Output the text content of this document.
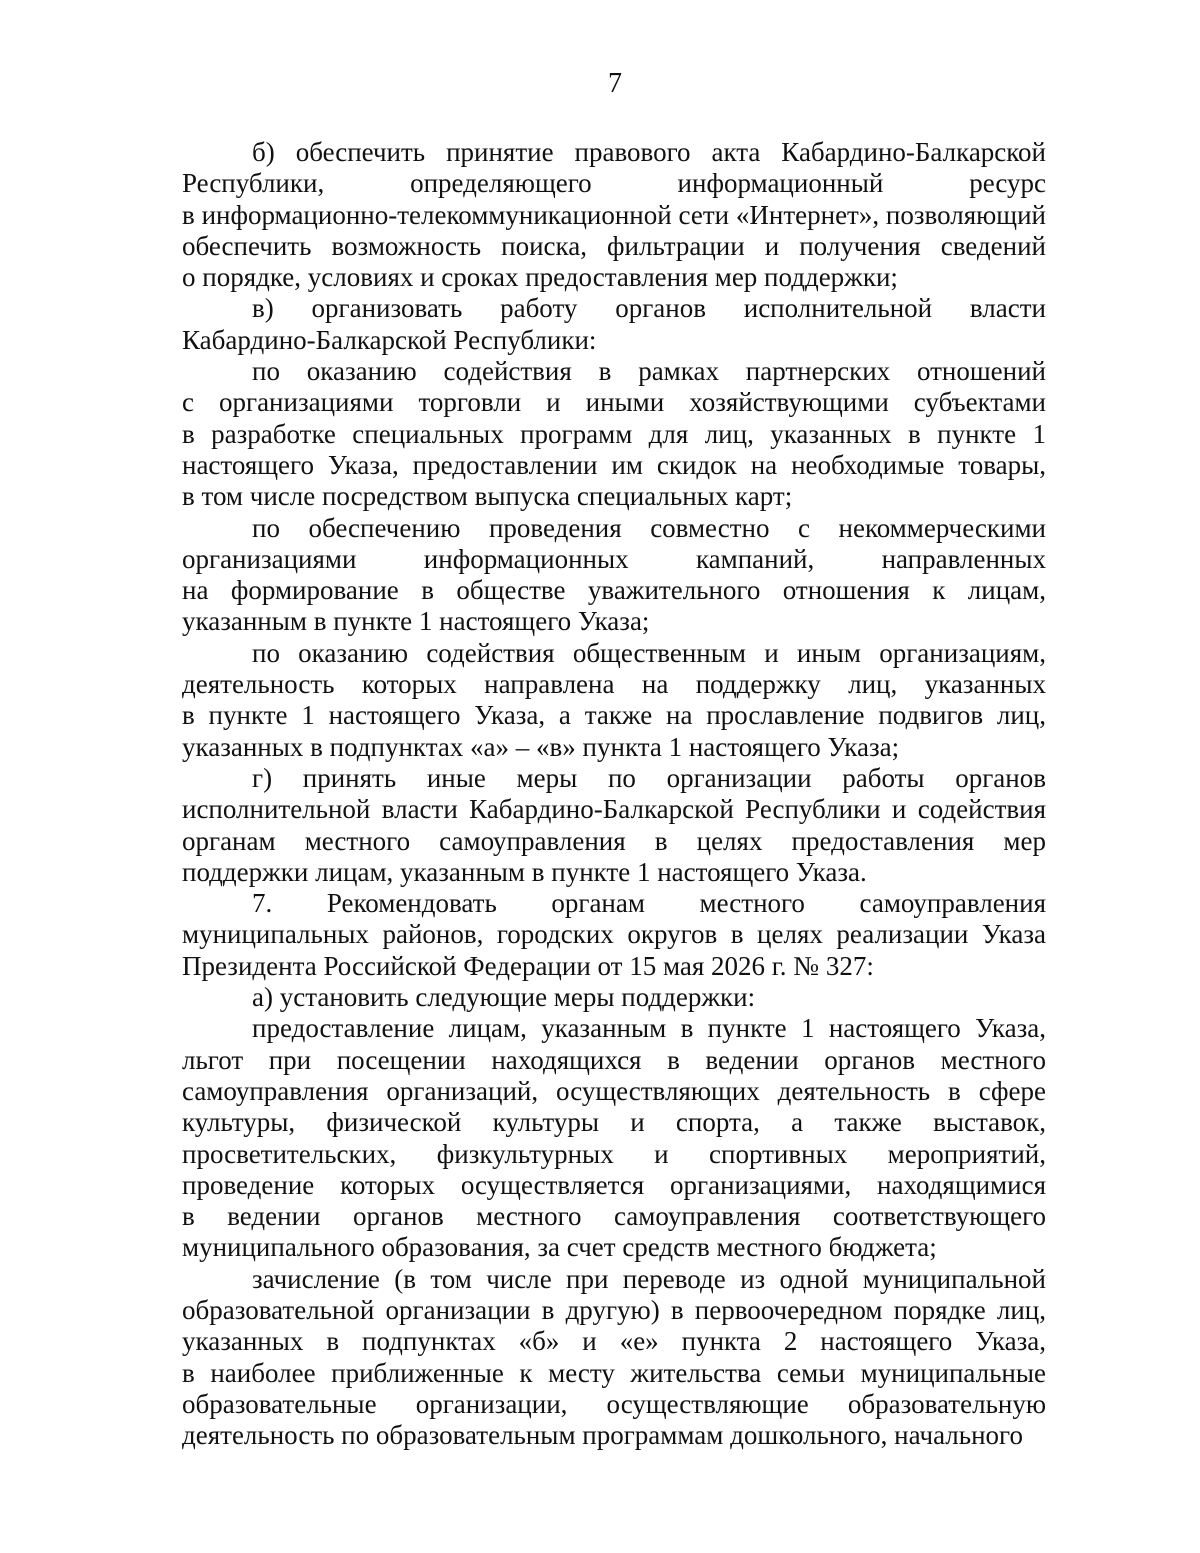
7
б) обеспечить принятие правового акта Кабардино-Балкарской
Республики, определяющего информационный ресурс
в информационно-телекоммуникационной сети «Интернет», позволяющий
обеспечить возможность поиска, фильтрации и получения сведений
о порядке, условиях и сроках предоставления мер поддержки;
в) организовать работу органов исполнительной власти
Кабардино-Балкарской Республики:
по оказанию содействия в рамках партнерских отношений
с организациями торговли и иными хозяйствующими субъектами
в разработке специальных программ для лиц, указанных в пункте 1
настоящего Указа, предоставлении им скидок на необходимые товары,
в том числе посредством выпуска специальных карт;
по обеспечению проведения совместно с некоммерческими
организациями информационных кампаний, направленных
на формирование в обществе уважительного отношения к лицам,
указанным в пункте 1 настоящего Указа;
по оказанию содействия общественным и иным организациям,
деятельность которых направлена на поддержку лиц, указанных
в пункте 1 настоящего Указа, а также на прославление подвигов лиц,
указанных в подпунктах «а» – «в» пункта 1 настоящего Указа;
г) принять иные меры по организации работы органов
исполнительной власти Кабардино-Балкарской Республики и содействия
органам местного самоуправления в целях предоставления мер
поддержки лицам, указанным в пункте 1 настоящего Указа.
7. Рекомендовать органам местного самоуправления
муниципальных районов, городских округов в целях реализации Указа
Президента Российской Федерации от 15 мая 2026 г. № 327:
а) установить следующие меры поддержки:
предоставление лицам, указанным в пункте 1 настоящего Указа,
льгот при посещении находящихся в ведении органов местного
самоуправления организаций, осуществляющих деятельность в сфере
культуры, физической культуры и спорта, а также выставок,
просветительских, физкультурных и спортивных мероприятий,
проведение которых осуществляется организациями, находящимися
в ведении органов местного самоуправления соответствующего
муниципального образования, за счет средств местного бюджета;
зачисление (в том числе при переводе из одной муниципальной
образовательной организации в другую) в первоочередном порядке лиц,
указанных в подпунктах «б» и «е» пункта 2 настоящего Указа,
в наиболее приближенные к месту жительства семьи муниципальные
образовательные организации, осуществляющие образовательную
деятельность по образовательным программам дошкольного, начального
